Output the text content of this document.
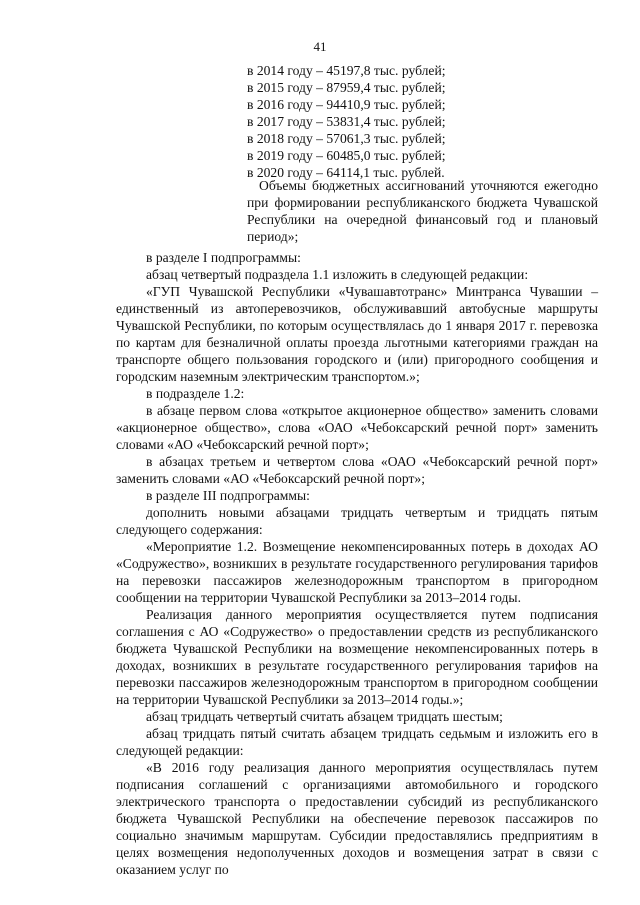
41
в 2014 году – 45197,8 тыс. рублей;
в 2015 году – 87959,4 тыс. рублей;
в 2016 году – 94410,9 тыс. рублей;
в 2017 году – 53831,4 тыс. рублей;
в 2018 году – 57061,3 тыс. рублей;
в 2019 году – 60485,0 тыс. рублей;
в 2020 году – 64114,1 тыс. рублей.
Объемы бюджетных ассигнований уточняются ежегодно при формировании республиканского бюджета Чувашской Республики на очередной финансовый год и плановый период»;

в разделе I подпрограммы:

абзац четвертый подраздела 1.1 изложить в следующей редакции:

«ГУП Чувашской Республики «Чувашавтотранс» Минтранса Чувашии – единственный из автоперевозчиков, обслуживавший автобусные маршруты Чувашской Республики, по которым осуществлялась до 1 января 2017 г. перевозка по картам для безналичной оплаты проезда льготными категориями граждан на транспорте общего пользования городского и (или) пригородного сообщения и городским наземным электрическим транспортом.»;

в подразделе 1.2:

в абзаце первом слова «открытое акционерное общество» заменить словами «акционерное общество», слова «ОАО «Чебоксарский речной порт» заменить словами «АО «Чебоксарский речной порт»;

в абзацах третьем и четвертом слова «ОАО «Чебоксарский речной порт» заменить словами «АО «Чебоксарский речной порт»;

в разделе III подпрограммы:

дополнить новыми абзацами тридцать четвертым и тридцать пятым следующего содержания:

«Мероприятие 1.2. Возмещение некомпенсированных потерь в доходах АО «Содружество», возникших в результате государственного регулирования тарифов на перевозки пассажиров железнодорожным транспортом в пригородном сообщении на территории Чувашской Республики за 2013–2014 годы.

Реализация данного мероприятия осуществляется путем подписания соглашения с АО «Содружество» о предоставлении средств из республиканского бюджета Чувашской Республики на возмещение некомпенсированных потерь в доходах, возникших в результате государственного регулирования тарифов на перевозки пассажиров железнодорожным транспортом в пригородном сообщении на территории Чувашской Республики за 2013–2014 годы.»;

абзац тридцать четвертый считать абзацем тридцать шестым;

абзац тридцать пятый считать абзацем тридцать седьмым и изложить его в следующей редакции:

«В 2016 году реализация данного мероприятия осуществлялась путем подписания соглашений с организациями автомобильного и городского электрического транспорта о предоставлении субсидий из республиканского бюджета Чувашской Республики на обеспечение перевозок пассажиров по социально значимым маршрутам. Субсидии предоставлялись предприятиям в целях возмещения недополученных доходов и возмещения затрат в связи с оказанием услуг по
